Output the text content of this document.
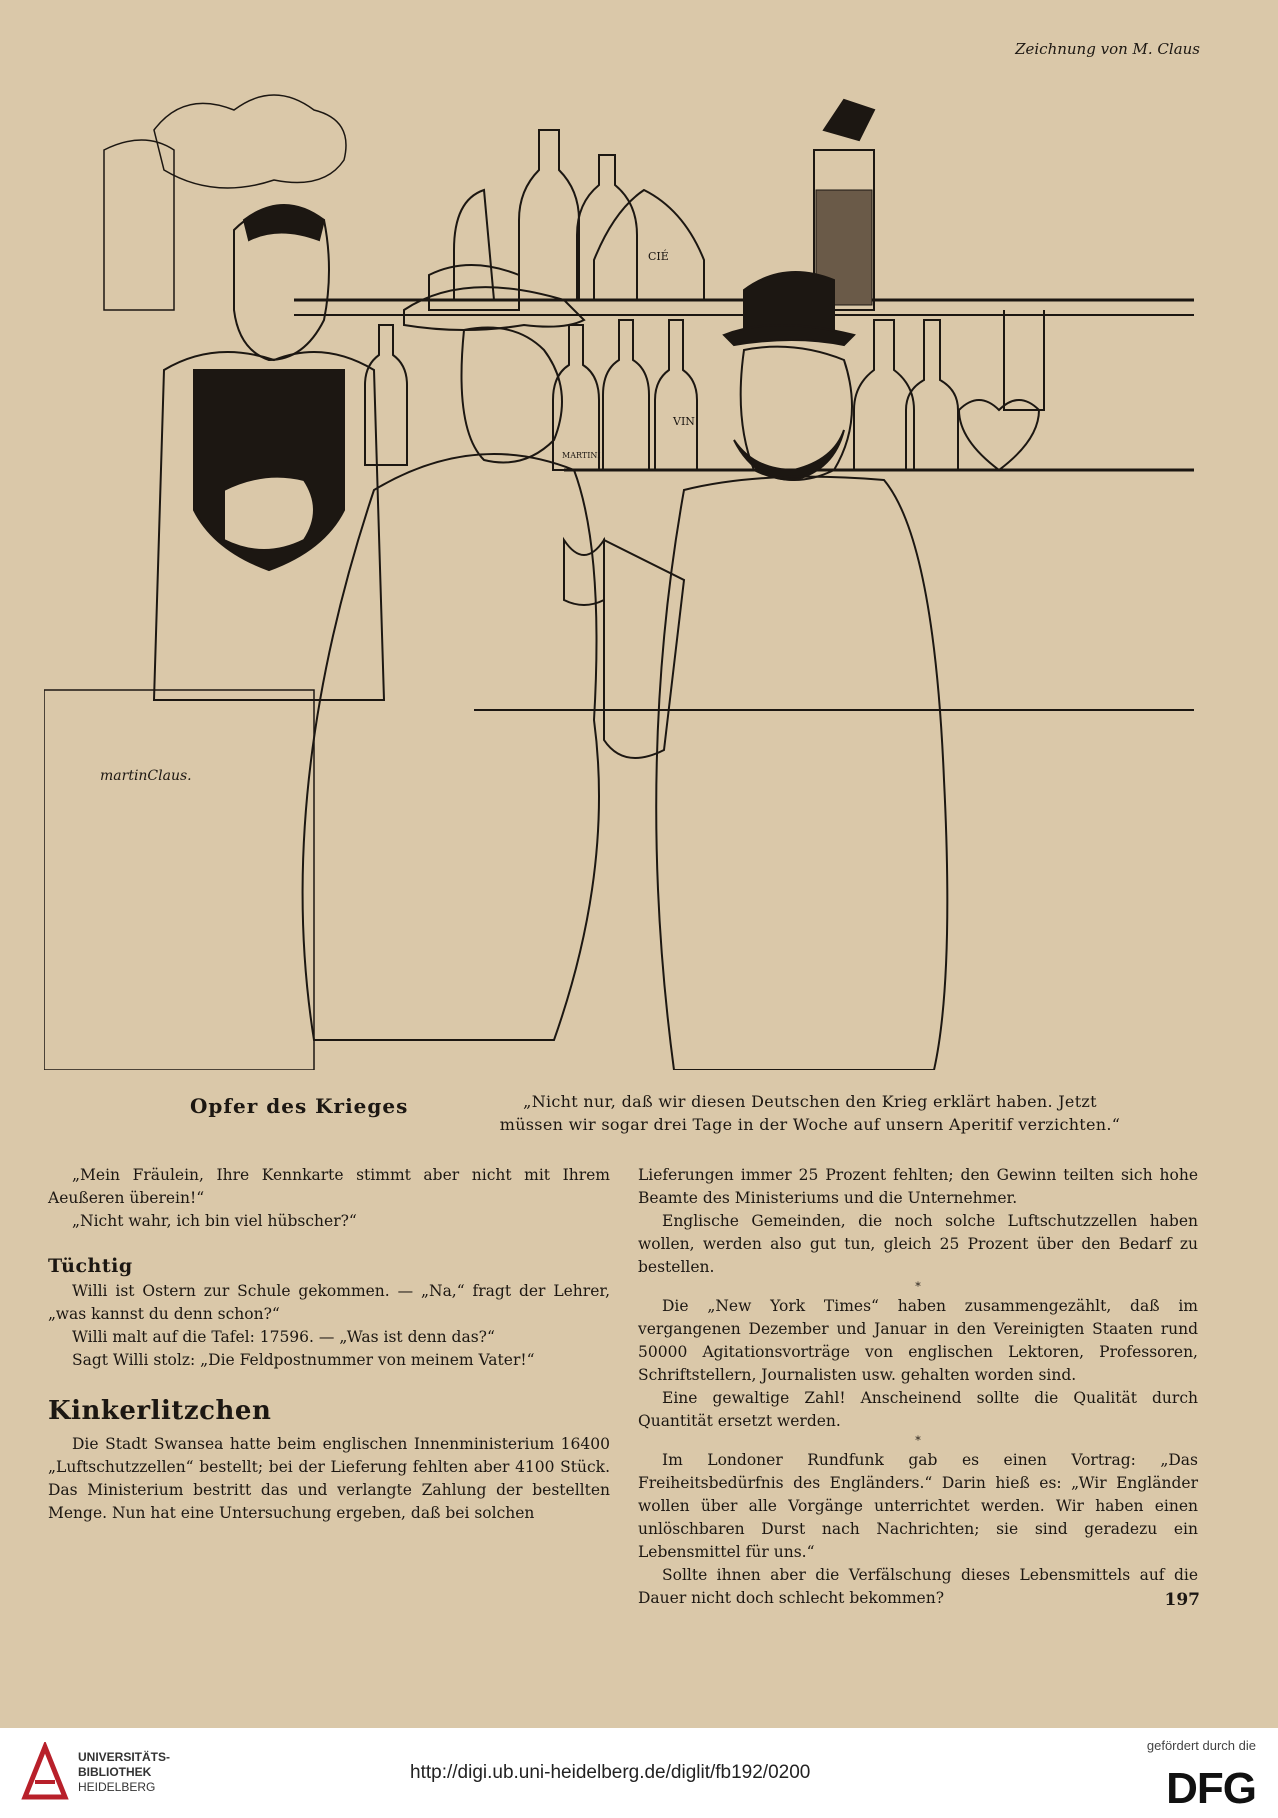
Zeichnung von M. Claus
CIÉ
VIN
MARTINI
martinClaus.
Opfer des Krieges	„Nicht nur, daß wir diesen Deutschen den Krieg erklärt haben. Jetzt
müssen wir sogar drei Tage in der Woche auf unsern Aperitif verzichten.“

„Mein Fräulein, Ihre Kennkarte stimmt aber nicht mit Ihrem Aeußeren überein!“

„Nicht wahr, ich bin viel hübscher?“

Tüchtig

Willi ist Ostern zur Schule gekommen. — „Na,“ fragt der Lehrer, „was kannst du denn schon?“

Willi malt auf die Tafel: 17596. — „Was ist denn das?“

Sagt Willi stolz: „Die Feldpostnummer von meinem Vater!“

Kinkerlitzchen

Die Stadt Swansea hatte beim englischen Innenministerium 16400 „Luftschutzzellen“ bestellt; bei der Lieferung fehlten aber 4100 Stück. Das Ministerium bestritt das und verlangte Zahlung der bestellten Menge. Nun hat eine Untersuchung ergeben, daß bei solchen

Lieferungen immer 25 Prozent fehlten; den Gewinn teilten sich hohe Beamte des Ministeriums und die Unternehmer.

Englische Gemeinden, die noch solche Luftschutzzellen haben wollen, werden also gut tun, gleich 25 Prozent über den Bedarf zu bestellen.

*

Die „New York Times“ haben zusammengezählt, daß im vergangenen Dezember und Januar in den Vereinigten Staaten rund 50000 Agitationsvorträge von englischen Lektoren, Professoren, Schriftstellern, Journalisten usw. gehalten worden sind.

Eine gewaltige Zahl! Anscheinend sollte die Qualität durch Quantität ersetzt werden.

*

Im Londoner Rundfunk gab es einen Vortrag: „Das Freiheitsbedürfnis des Engländers.“ Darin hieß es: „Wir Engländer wollen über alle Vorgänge unterrichtet werden. Wir haben einen unlöschbaren Durst nach Nachrichten; sie sind geradezu ein Lebensmittel für uns.“

Sollte ihnen aber die Verfälschung dieses Lebensmittels auf die Dauer nicht doch schlecht bekommen?	197
UNIVERSITÄTS-
BIBLIOTHEK
HEIDELBERG
http://digi.ub.uni-heidelberg.de/diglit/fb192/0200
gefördert durch die
DFG
